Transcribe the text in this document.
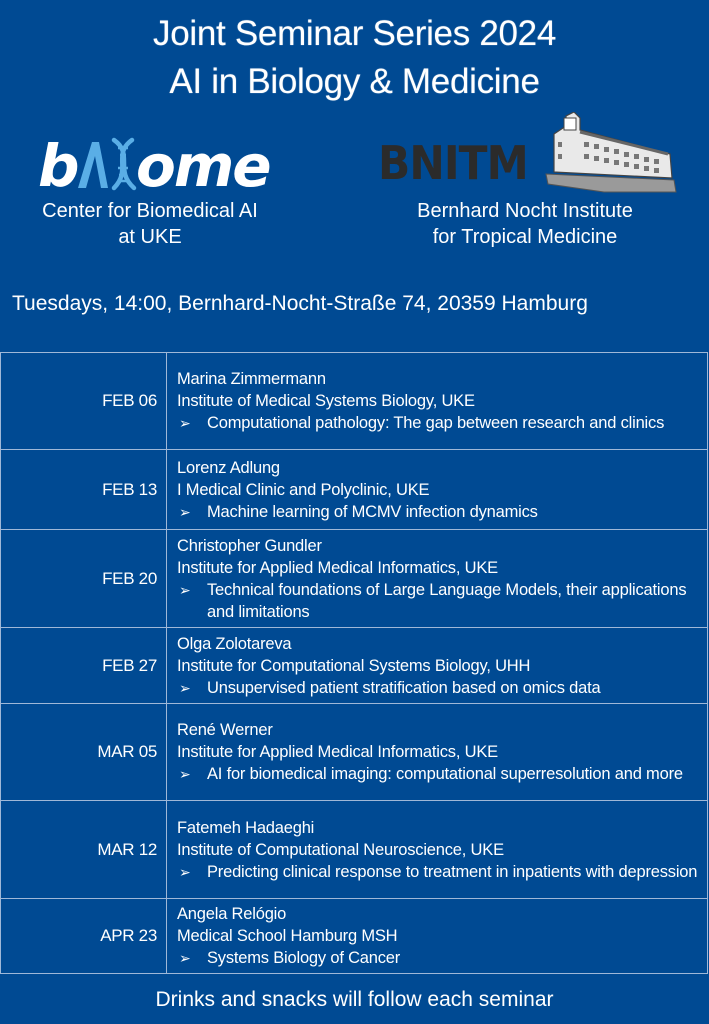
Joint Seminar Series 2024
AI in Biology & Medicine
b ome
Center for Biomedical AI
at UKE
BNITM
Bernhard Nocht Institute
for Tropical Medicine
Tuesdays, 14:00, Bernhard-Nocht-Straße 74, 20359 Hamburg
FEB 06	Marina Zimmermann
Institute of Medical Systems Biology, UKE
➢ Computational pathology: The gap between research and clinics

FEB 13	Lorenz Adlung
I Medical Clinic and Polyclinic, UKE
➢ Machine learning of MCMV infection dynamics

FEB 20	Christopher Gundler
Institute for Applied Medical Informatics, UKE
➢ Technical foundations of Large Language Models, their applications and limitations

FEB 27	Olga Zolotareva
Institute for Computational Systems Biology, UHH
➢ Unsupervised patient stratification based on omics data

MAR 05	René Werner
Institute for Applied Medical Informatics, UKE
➢ AI for biomedical imaging: computational superresolution and more

MAR 12	Fatemeh Hadaeghi
Institute of Computational Neuroscience, UKE
➢ Predicting clinical response to treatment in inpatients with depression

APR 23	Angela Relógio
Medical School Hamburg MSH
➢ Systems Biology of Cancer
Drinks and snacks will follow each seminar
